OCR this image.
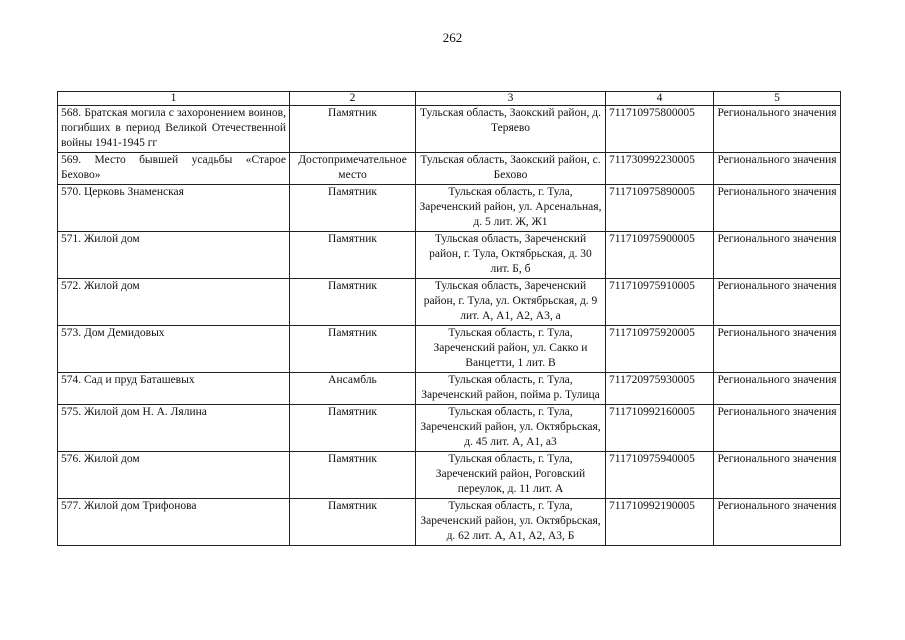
262
1	2	3	4	5
568. Братская могила с захоронением воинов, погибших в период Великой Отечественной войны 1941-1945 гг	Памятник	Тульская область, Заокский район, д. Теряево	711710975800005	Регионального значения
569. Место бывшей усадьбы «Старое Бехово»	Достопримечательное место	Тульская область, Заокский район, с. Бехово	711730992230005	Регионального значения
570. Церковь Знаменская	Памятник	Тульская область, г. Тула, Зареченский район, ул. Арсенальная, д. 5 лит. Ж, Ж1	711710975890005	Регионального значения
571. Жилой дом	Памятник	Тульская область, Зареченский район, г. Тула, Октябрьская, д. 30 лит. Б, б	711710975900005	Регионального значения
572. Жилой дом	Памятник	Тульская область, Зареченский район, г. Тула, ул. Октябрьская, д. 9 лит. А, А1, А2, А3, а	711710975910005	Регионального значения
573. Дом Демидовых	Памятник	Тульская область, г. Тула, Зареченский район, ул. Сакко и Ванцетти, 1 лит. В	711710975920005	Регионального значения
574. Сад и пруд Баташевых	Ансамбль	Тульская область, г. Тула, Зареченский район, пойма р. Тулица	711720975930005	Регионального значения
575. Жилой дом Н. А. Лялина	Памятник	Тульская область, г. Тула, Зареченский район, ул. Октябрьская, д. 45 лит. А, А1, а3	711710992160005	Регионального значения
576. Жилой дом	Памятник	Тульская область, г. Тула, Зареченский район, Роговский переулок, д. 11 лит. А	711710975940005	Регионального значения
577. Жилой дом Трифонова	Памятник	Тульская область, г. Тула, Зареченский район, ул. Октябрьская, д. 62 лит. А, А1, А2, А3, Б	711710992190005	Регионального значения
